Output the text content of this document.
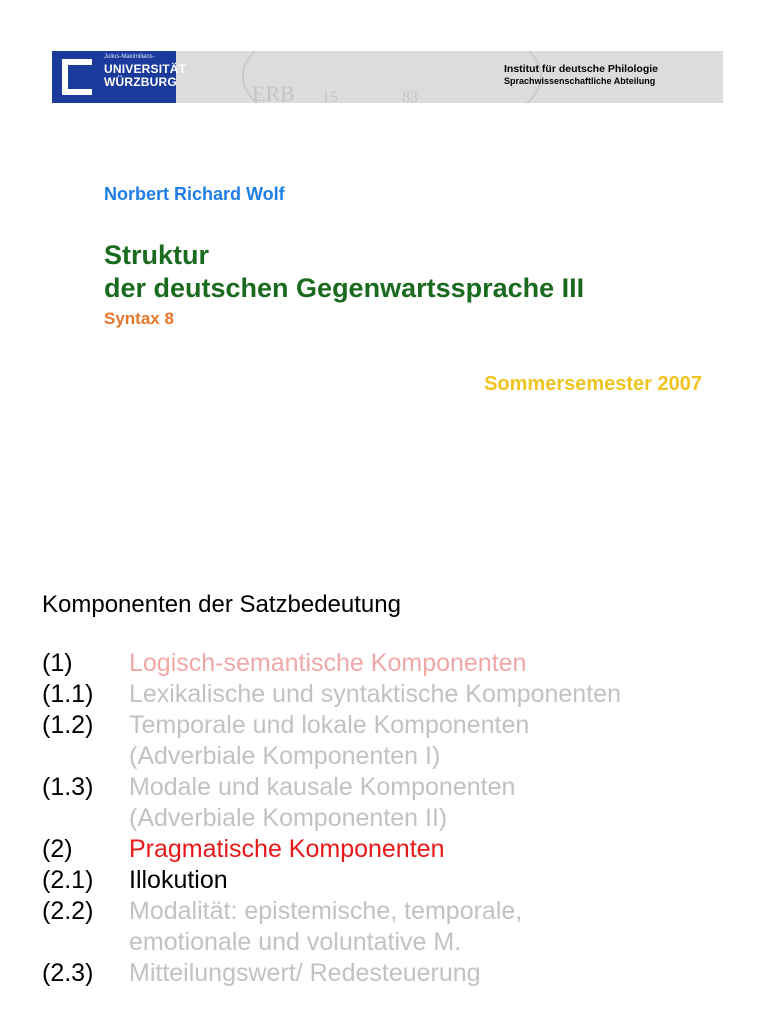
Julius-Maximilians-
UNIVERSITÄT
WÜRZBURG	ERB 15	83
Institut für deutsche Philologie
Sprachwissenschaftliche Abteilung
Norbert Richard Wolf
Struktur
der deutschen Gegenwartssprache III
Syntax 8
Sommersemester 2007
Komponenten der Satzbedeutung
(1) Logisch-semantische Komponenten
(1.1) Lexikalische und syntaktische Komponenten
(1.2) Temporale und lokale Komponenten
(Adverbiale Komponenten I)
(1.3) Modale und kausale Komponenten
(Adverbiale Komponenten II)
(2) Pragmatische Komponenten
(2.1) Illokution
(2.2) Modalität: epistemische, temporale,
emotionale und voluntative M.
(2.3) Mitteilungswert/ Redesteuerung
